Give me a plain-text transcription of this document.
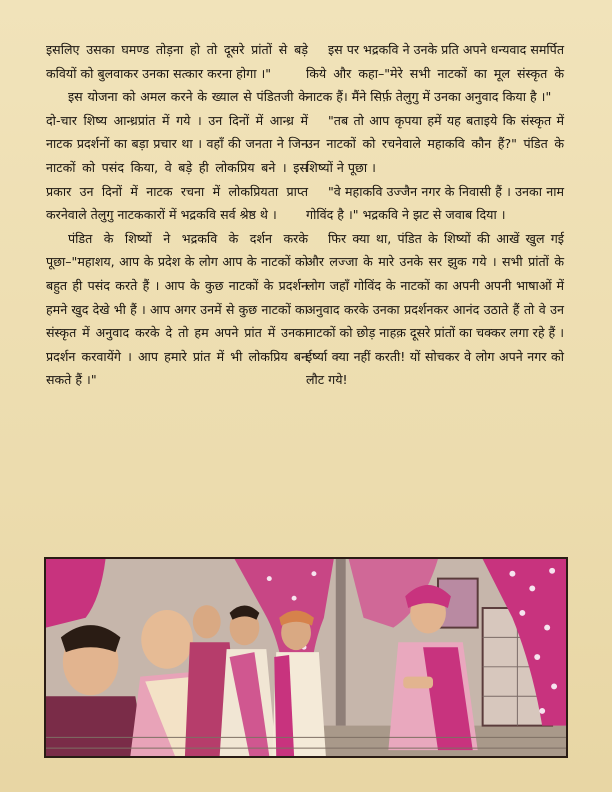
इसलिए उसका घमण्ड तोड़ना हो तो दूसरे प्रांतों से बड़े कवियों को बुलवाकर उनका सत्कार करना होगा ।"

इस योजना को अमल करने के ख्याल से पंडितजी के दो-चार शिष्य आन्ध्रप्रांत में गये । उन दिनों में आन्ध्र में नाटक प्रदर्शनों का बड़ा प्रचार था । वहाँ की जनता ने जिन नाटकों को पसंद किया, वे बड़े ही लोकप्रिय बने । इस प्रकार उन दिनों में नाटक रचना में लोकप्रियता प्राप्त करनेवाले तेलुगु नाटककारों में भद्रकवि सर्व श्रेष्ठ थे ।

पंडित के शिष्यों ने भद्रकवि के दर्शन करके पूछा–"महाशय, आप के प्रदेश के लोग आप के नाटकों को बहुत ही पसंद करते हैं । आप के कुछ नाटकों के प्रदर्शन हमने खुद देखे भी हैं । आप अगर उनमें से कुछ नाटकों का संस्कृत में अनुवाद करके दे तो हम अपने प्रांत में उनका प्रदर्शन करवायेंगे । आप हमारे प्रांत में भी लोकप्रिय बन सकते हैं ।"

इस पर भद्रकवि ने उनके प्रति अपने धन्यवाद समर्पित किये और कहा–"मेरे सभी नाटकों का मूल संस्कृत के नाटक हैं। मैंने सिर्फ़ तेलुगु में उनका अनुवाद किया है ।"

"तब तो आप कृपया हमें यह बताइये कि संस्कृत में उन नाटकों को रचनेवाले महाकवि कौन हैं?" पंडित के शिष्यों ने पूछा ।

"वे महाकवि उज्जैन नगर के निवासी हैं । उनका नाम गोविंद है ।" भद्रकवि ने झट से जवाब दिया ।

फिर क्या था, पंडित के शिष्यों की आखें खुल गई और लज्जा के मारे उनके सर झुक गये । सभी प्रांतों के लोग जहाँ गोविंद के नाटकों का अपनी अपनी भाषाओं में अनुवाद करके उनका प्रदर्शनकर आनंद उठाते हैं तो वे उन नाटकों को छोड़ नाहक़ दूसरे प्रांतों का चक्कर लगा रहे हैं । ईर्ष्या क्या नहीं करती! यों सोचकर वे लोग अपने नगर को लौट गये!
